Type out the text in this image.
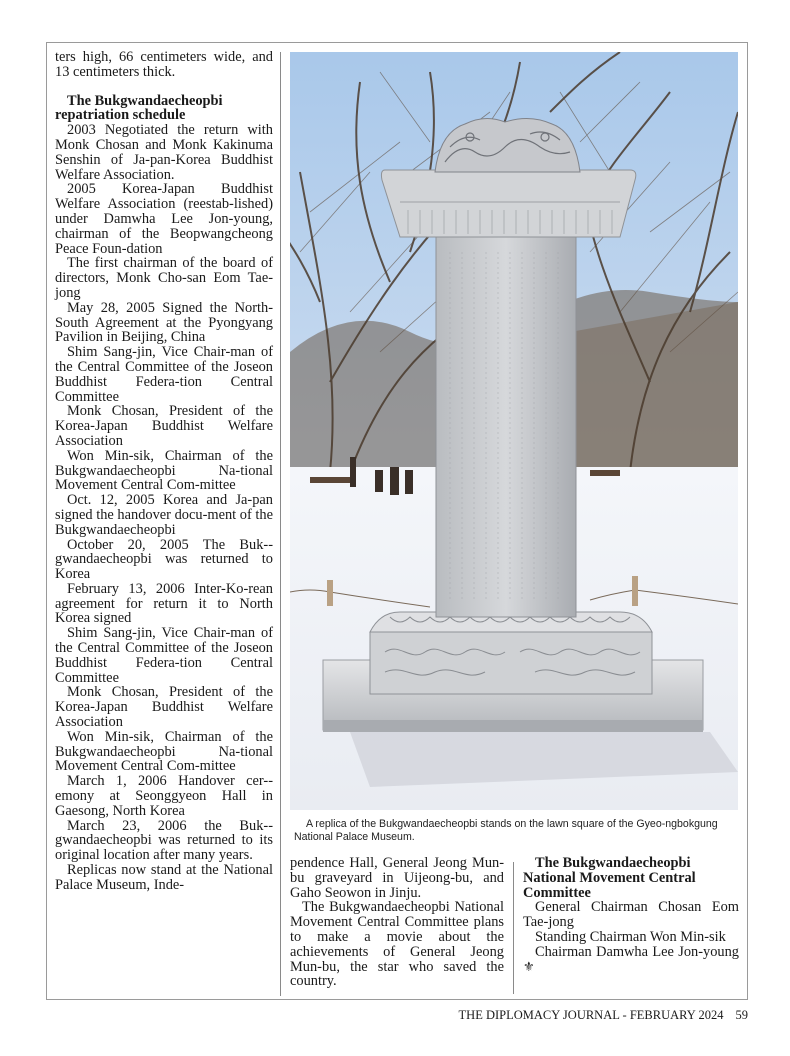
ters high, 66 centimeters wide, and 13 centimeters thick.

The Bukgwandaecheopbi repatriation schedule

2003 Negotiated the return with Monk Chosan and Monk Kakinuma Senshin of Ja-pan-Korea Buddhist Welfare Association.

2005 Korea-Japan Buddhist Welfare Association (reestab-lished) under Damwha Lee Jon-young, chairman of the Beopwangcheong Peace Foun-dation

The first chairman of the board of directors, Monk Cho-san Eom Tae-jong

May 28, 2005 Signed the North-South Agreement at the Pyongyang Pavilion in Beijing, China

Shim Sang-jin, Vice Chair-man of the Central Committee of the Joseon Buddhist Federa-tion Central Committee

Monk Chosan, President of the Korea-Japan Buddhist Welfare Association

Won Min-sik, Chairman of the Bukgwandaecheopbi Na-tional Movement Central Com-mittee

Oct. 12, 2005 Korea and Ja-pan signed the handover docu-ment of the Bukgwandaecheopbi

October 20, 2005 The Buk-gwandaecheopbi was returned to Korea

February 13, 2006 Inter-Ko-rean agreement for return it to North Korea signed

Shim Sang-jin, Vice Chair-man of the Central Committee of the Joseon Buddhist Federa-tion Central Committee

Monk Chosan, President of the Korea-Japan Buddhist Welfare Association

Won Min-sik, Chairman of the Bukgwandaecheopbi Na-tional Movement Central Com-mittee

March 1, 2006 Handover cer-emony at Seonggyeon Hall in Gaesong, North Korea

March 23, 2006 the Buk-gwandaecheopbi was returned to its original location after many years.

Replicas now stand at the National Palace Museum, Inde-

A replica of the Bukgwandaecheopbi stands on the lawn square of the Gyeo-ngbokgung National Palace Museum.

pendence Hall, General Jeong Mun-bu graveyard in Uijeong-bu, and Gaho Seowon in Jinju.

The Bukgwandaecheopbi National Movement Central Committee plans to make a movie about the achievements of General Jeong Mun-bu, the star who saved the country.

The Bukgwandaecheopbi National Movement Central Committee

General Chairman Chosan Eom Tae-jong

Standing Chairman Won Min-sik

Chairman Damwha Lee Jon-young ⚜

THE DIPLOMACY JOURNAL - FEBRUARY 2024 59
